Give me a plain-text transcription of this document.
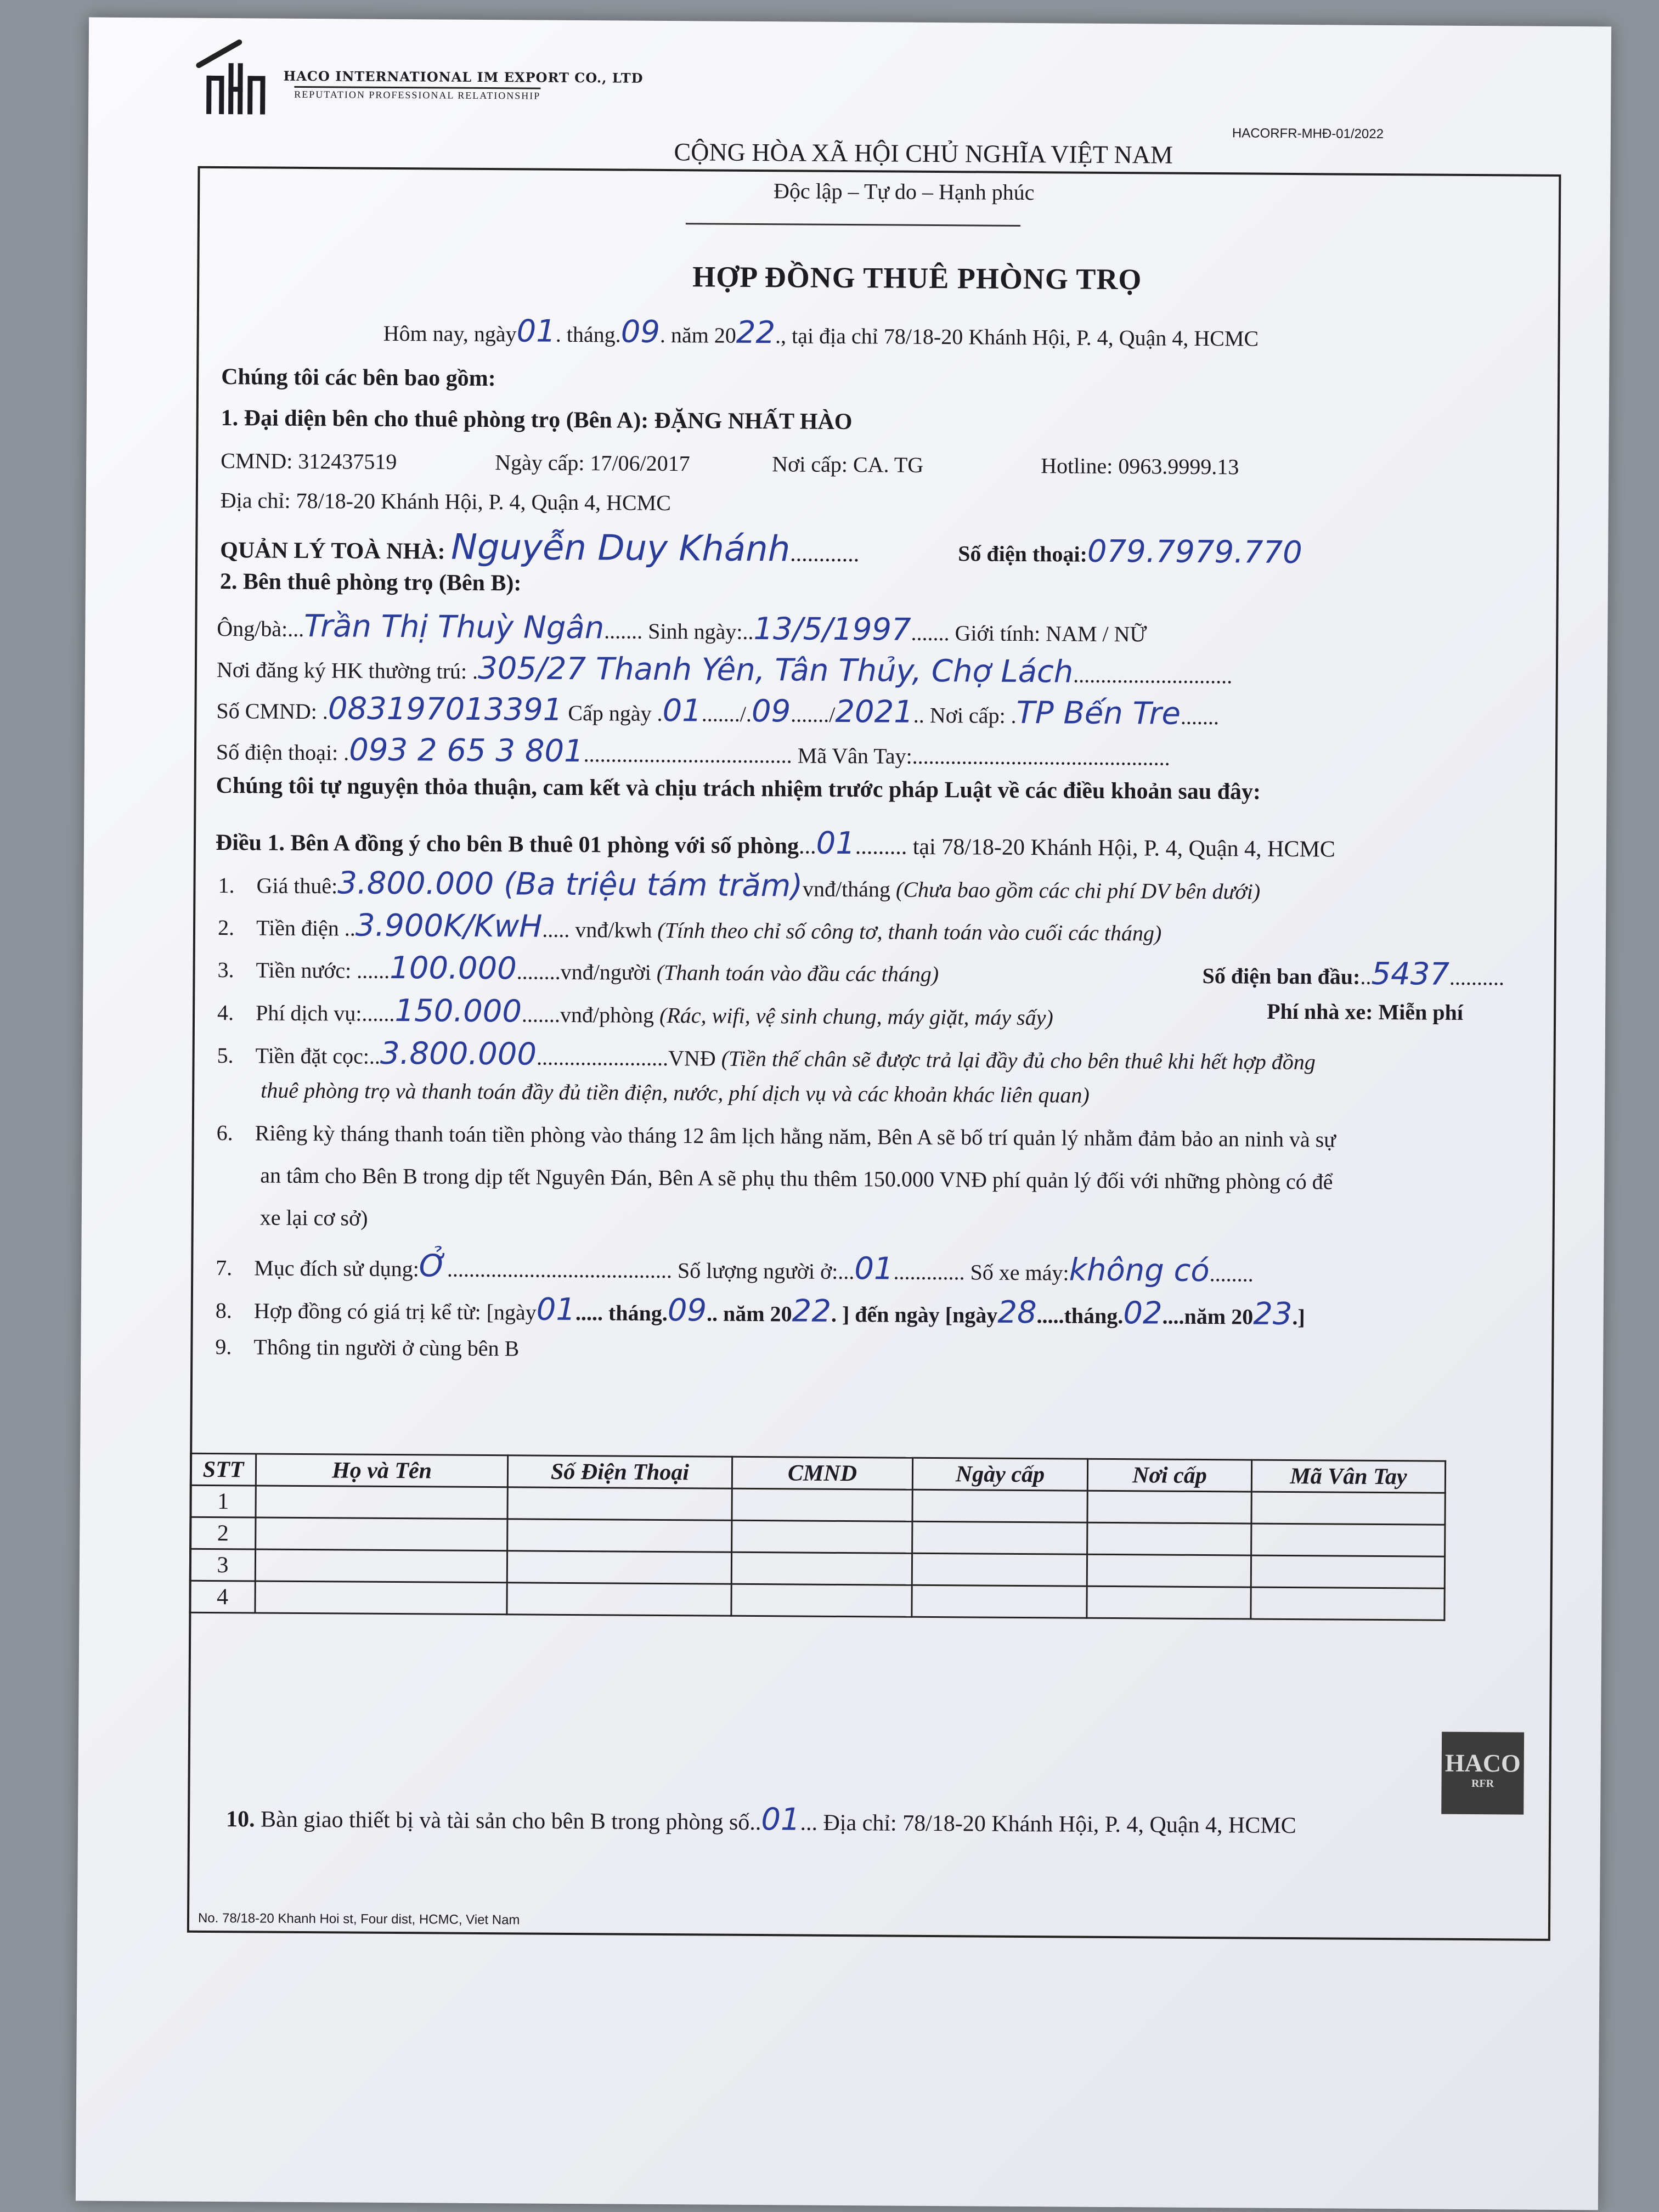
HACO INTERNATIONAL IM EXPORT CO., LTD
REPUTATION PROFESSIONAL RELATIONSHIP
HACORFR-MHĐ-01/2022
CỘNG HÒA XÃ HỘI CHỦ NGHĨA VIỆT NAM
Độc lập – Tự do – Hạnh phúc
HỢP ĐỒNG THUÊ PHÒNG TRỌ
Hôm nay, ngày01. tháng.09. năm 2022., tại địa chỉ 78/18-20 Khánh Hội, P. 4, Quận 4, HCMC
Chúng tôi các bên bao gồm:
1. Đại diện bên cho thuê phòng trọ (Bên A): ĐẶNG NHẤT HÀO
CMND: 312437519	Ngày cấp: 17/06/2017	Nơi cấp: CA. TG	Hotline: 0963.9999.13
Địa chỉ: 78/18-20 Khánh Hội, P. 4, Quận 4, HCMC
QUẢN LÝ TOÀ NHÀ: Nguyễn Duy Khánh............	Số điện thoại:079.7979.770
2. Bên thuê phòng trọ (Bên B):
Ông/bà:...Trần Thị Thuỳ Ngân....... Sinh ngày:..13/5/1997....... Giới tính: NAM / NỮ
Nơi đăng ký HK thường trú: .305/27 Thanh Yên, Tân Thủy, Chợ Lách.............................
Số CMND: .083197013391 Cấp ngày .01......./.09......./2021.. Nơi cấp: .TP Bến Tre.......
Số điện thoại: .093 2 65 3 801...................................... Mã Vân Tay:...............................................
Chúng tôi tự nguyện thỏa thuận, cam kết và chịu trách nhiệm trước pháp Luật về các điều khoản sau đây:
Điều 1. Bên A đồng ý cho bên B thuê 01 phòng với số phòng...01......... tại 78/18-20 Khánh Hội, P. 4, Quận 4, HCMC
1. Giá thuê:3.800.000 (Ba triệu tám trăm)vnđ/tháng (Chưa bao gồm các chi phí DV bên dưới)
2. Tiền điện ..3.900K/KwH..... vnđ/kwh (Tính theo chỉ số công tơ, thanh toán vào cuối các tháng)
3. Tiền nước: ......100.000........vnđ/người (Thanh toán vào đầu các tháng)	Số điện ban đầu:..5437..........
4. Phí dịch vụ:......150.000.......vnđ/phòng (Rác, wifi, vệ sinh chung, máy giặt, máy sấy)	Phí nhà xe: Miễn phí
5. Tiền đặt cọc:..3.800.000........................VNĐ (Tiền thế chân sẽ được trả lại đầy đủ cho bên thuê khi hết hợp đồng
thuê phòng trọ và thanh toán đầy đủ tiền điện, nước, phí dịch vụ và các khoản khác liên quan)
6. Riêng kỳ tháng thanh toán tiền phòng vào tháng 12 âm lịch hằng năm, Bên A sẽ bố trí quản lý nhằm đảm bảo an ninh và sự
an tâm cho Bên B trong dịp tết Nguyên Đán, Bên A sẽ phụ thu thêm 150.000 VNĐ phí quản lý đối với những phòng có để
xe lại cơ sở)
7. Mục đích sử dụng:Ở......................................... Số lượng người ở:...01............. Số xe máy:không có........
8. Hợp đồng có giá trị kể từ: [ngày01..... tháng.09.. năm 2022. ] đến ngày [ngày28.....tháng.02....năm 2023.]
9. Thông tin người ở cùng bên B
STT	Họ và Tên	Số Điện Thoại	CMND	Ngày cấp	Nơi cấp	Mã Vân Tay
1						
2						
3						
4						
10. Bàn giao thiết bị và tài sản cho bên B trong phòng số..01... Địa chỉ: 78/18-20 Khánh Hội, P. 4, Quận 4, HCMC
HACO
RFR
No. 78/18-20 Khanh Hoi st, Four dist, HCMC, Viet Nam
